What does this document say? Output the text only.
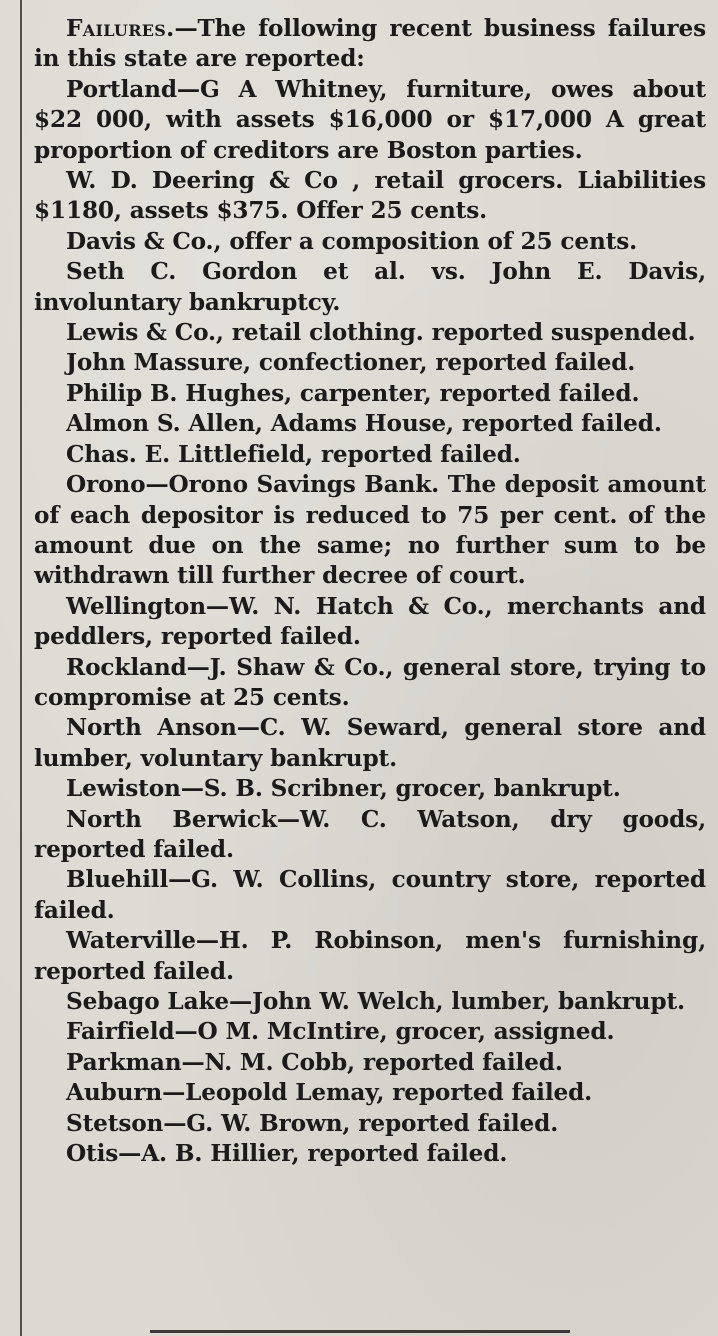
Failures.—The following recent business failures in this state are reported:

Portland—G A Whitney, furniture, owes about $22 000, with assets $16,000 or $17,000 A great proportion of creditors are Boston parties.

W. D. Deering & Co , retail grocers. Liabilities $1180, assets $375. Offer 25 cents.

Davis & Co., offer a composition of 25 cents.

Seth C. Gordon et al. vs. John E. Davis, involuntary bankruptcy.

Lewis & Co., retail clothing. reported suspended.

John Massure, confectioner, reported failed.

Philip B. Hughes, carpenter, reported failed.

Almon S. Allen, Adams House, reported failed.

Chas. E. Littlefield, reported failed.

Orono—Orono Savings Bank. The deposit amount of each depositor is reduced to 75 per cent. of the amount due on the same; no further sum to be withdrawn till further decree of court.

Wellington—W. N. Hatch & Co., merchants and peddlers, reported failed.

Rockland—J. Shaw & Co., general store, trying to compromise at 25 cents.

North Anson—C. W. Seward, general store and lumber, voluntary bankrupt.

Lewiston—S. B. Scribner, grocer, bankrupt.

North Berwick—W. C. Watson, dry goods, reported failed.

Bluehill—G. W. Collins, country store, reported failed.

Waterville—H. P. Robinson, men's furnishing, reported failed.

Sebago Lake—John W. Welch, lumber, bankrupt.

Fairfield—O M. McIntire, grocer, assigned.

Parkman—N. M. Cobb, reported failed.

Auburn—Leopold Lemay, reported failed.

Stetson—G. W. Brown, reported failed.

Otis—A. B. Hillier, reported failed.
